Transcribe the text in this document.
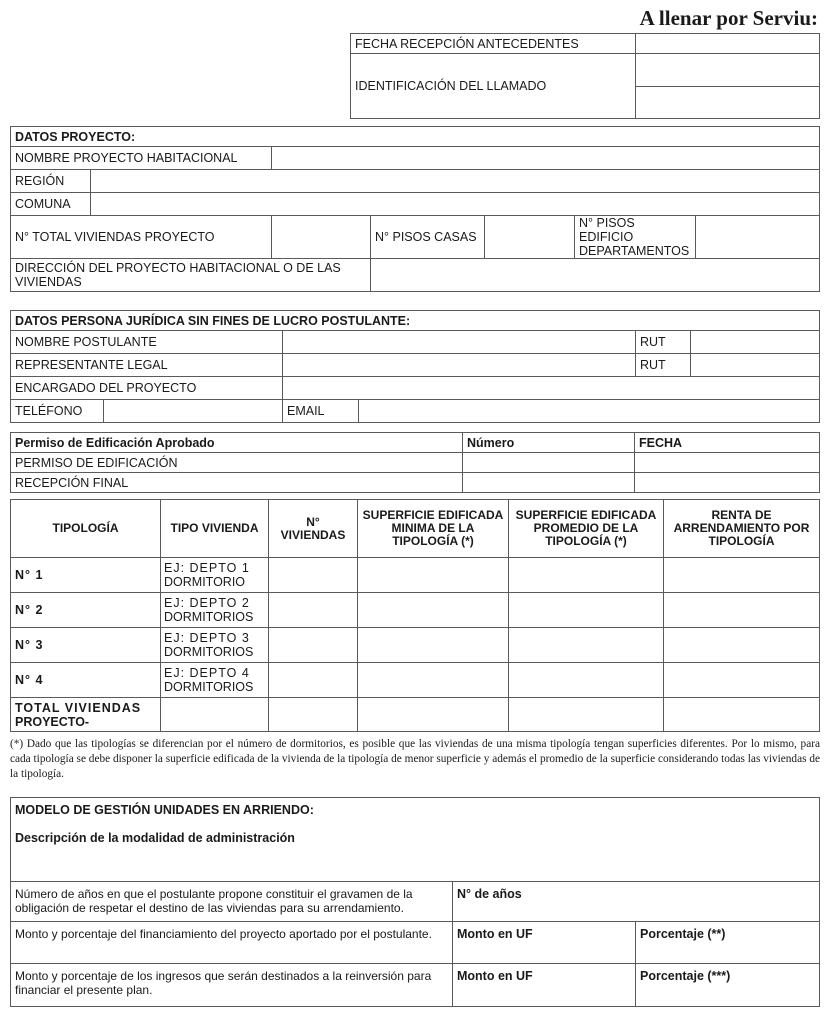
A llenar por Serviu:
FECHA RECEPCIÓN ANTECEDENTES	
IDENTIFICACIÓN DEL LLAMADO	

DATOS PROYECTO:						
NOMBRE PROYECTO HABITACIONAL						
REGIÓN						
COMUNA						
N° TOTAL VIVIENDAS PROYECTO			N° PISOS CASAS		N° PISOS EDIFICIO DEPARTAMENTOS	
DIRECCIÓN DEL PROYECTO HABITACIONAL O DE LAS VIVIENDAS						
DATOS PERSONA JURÍDICA SIN FINES DE LUCRO POSTULANTE:					
NOMBRE POSTULANTE				RUT	
REPRESENTANTE LEGAL				RUT	
ENCARGADO DEL PROYECTO					
TELÉFONO		EMAIL			
Permiso de Edificación Aprobado	Número	FECHA
PERMISO DE EDIFICACIÓN		
RECEPCIÓN FINAL		
TIPOLOGÍA	TIPO VIVIENDA	N° VIVIENDAS	SUPERFICIE EDIFICADA MINIMA DE LA TIPOLOGÍA (*)	SUPERFICIE EDIFICADA PROMEDIO DE LA TIPOLOGÍA (*)	RENTA DE ARRENDAMIENTO POR TIPOLOGÍA
N° 1	EJ: DEPTO 1
DORMITORIO				

N° 2	EJ: DEPTO 2
DORMITORIOS				

N° 3	EJ: DEPTO 3
DORMITORIOS				

N° 4	EJ: DEPTO 4
DORMITORIOS				

TOTAL VIVIENDAS
PROYECTO-					

(*) Dado que las tipologías se diferencian por el número de dormitorios, es posible que las viviendas de una misma tipología tengan superficies diferentes. Por lo mismo, para cada tipología se debe disponer la superficie edificada de la vivienda de la tipología de menor superficie y además el promedio de la superficie considerando todas las viviendas de la tipología.
MODELO DE GESTIÓN UNIDADES EN ARRIENDO:
Descripción de la modalidad de administración		

Número de años en que el postulante propone constituir el gravamen de la obligación de respetar el destino de las viviendas para su arrendamiento.	N° de años	
Monto y porcentaje del financiamiento del proyecto aportado por el postulante.	Monto en UF	Porcentaje (**)
Monto y porcentaje de los ingresos que serán destinados a la reinversión para financiar el presente plan.	Monto en UF	Porcentaje (***)
